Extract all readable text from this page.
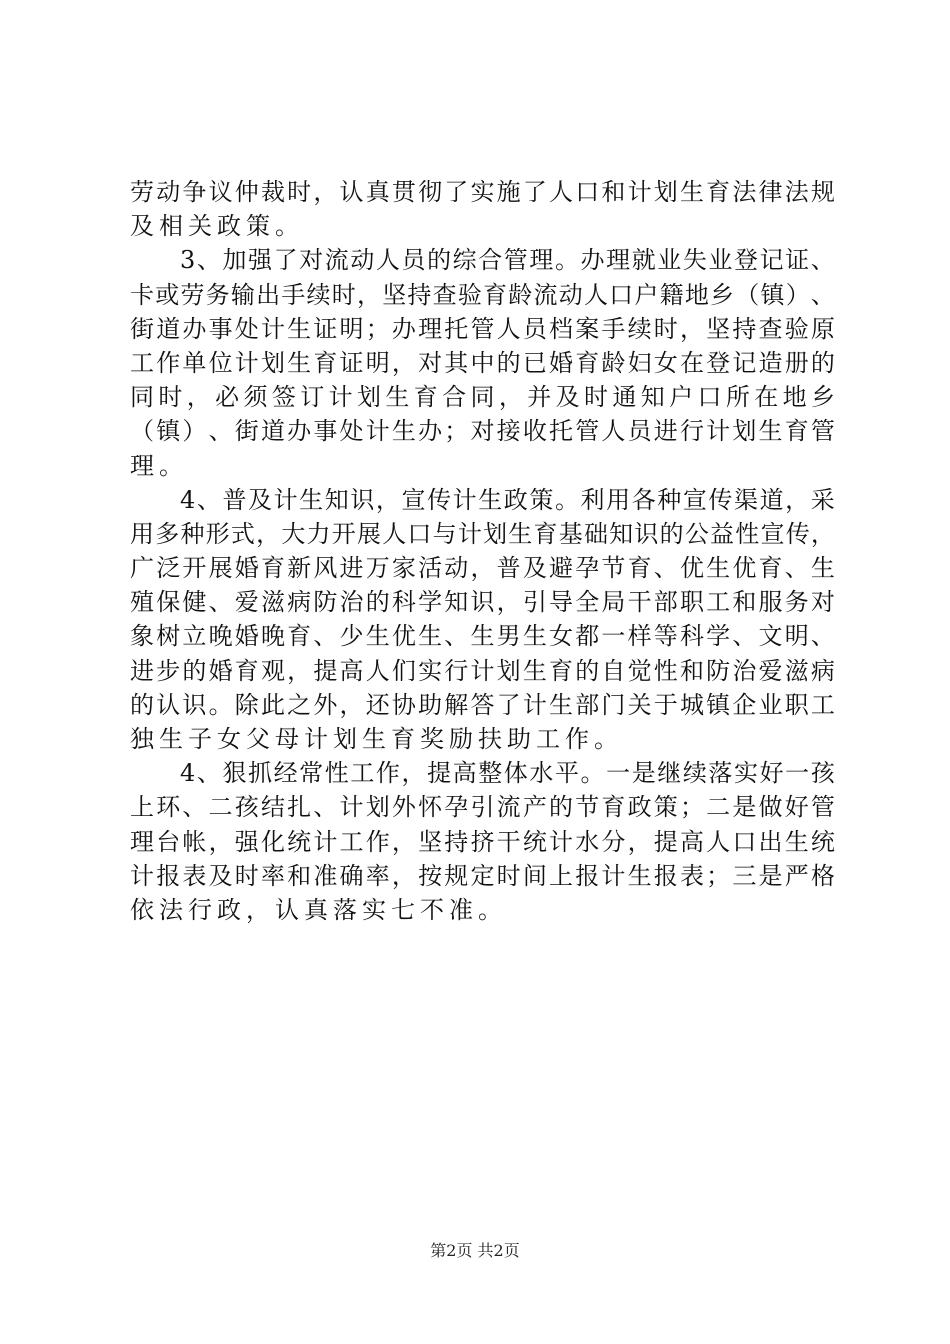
劳 动 争 议 仲 裁 时 ， 认 真 贯 彻 了 实 施 了 人 口 和 计 划 生 育 法 律 法 规
及相关政策。
3 、 加 强 了 对 流 动 人 员 的 综 合 管 理 。 办 理 就 业 失 业 登 记 证 、
卡 或 劳 务 输 出 手 续 时 ， 坚 持 查 验 育 龄 流 动 人 口 户 籍 地 乡 （ 镇 ） 、
街 道 办 事 处 计 生 证 明 ； 办 理 托 管 人 员 档 案 手 续 时 ， 坚 持 查 验 原
工 作 单 位 计 划 生 育 证 明 ， 对 其 中 的 已 婚 育 龄 妇 女 在 登 记 造 册 的
同 时 ， 必 须 签 订 计 划 生 育 合 同 ， 并 及 时 通 知 户 口 所 在 地 乡
（ 镇 ） 、 街 道 办 事 处 计 生 办 ； 对 接 收 托 管 人 员 进 行 计 划 生 育 管
理。
4 、 普 及 计 生 知 识 ， 宣 传 计 生 政 策 。 利 用 各 种 宣 传 渠 道 ， 采
用 多 种 形 式 ， 大 力 开 展 人 口 与 计 划 生 育 基 础 知 识 的 公 益 性 宣 传 ，
广 泛 开 展 婚 育 新 风 进 万 家 活 动 ， 普 及 避 孕 节 育 、 优 生 优 育 、 生
殖 保 健 、 爱 滋 病 防 治 的 科 学 知 识 ， 引 导 全 局 干 部 职 工 和 服 务 对
象 树 立 晚 婚 晚 育 、 少 生 优 生 、 生 男 生 女 都 一 样 等 科 学 、 文 明 、
进 步 的 婚 育 观 ， 提 高 人 们 实 行 计 划 生 育 的 自 觉 性 和 防 治 爱 滋 病
的 认 识 。 除 此 之 外 ， 还 协 助 解 答 了 计 生 部 门 关 于 城 镇 企 业 职 工
独生子女父母计划生育奖励扶助工作。
4 、 狠 抓 经 常 性 工 作 ， 提 高 整 体 水 平 。 一 是 继 续 落 实 好 一 孩
上 环 、 二 孩 结 扎 、 计 划 外 怀 孕 引 流 产 的 节 育 政 策 ； 二 是 做 好 管
理 台 帐 ， 强 化 统 计 工 作 ， 坚 持 挤 干 统 计 水 分 ， 提 高 人 口 出 生 统
计 报 表 及 时 率 和 准 确 率 ， 按 规 定 时 间 上 报 计 生 报 表 ； 三 是 严 格
依法行政，认真落实七不准。
第2页 共2页
